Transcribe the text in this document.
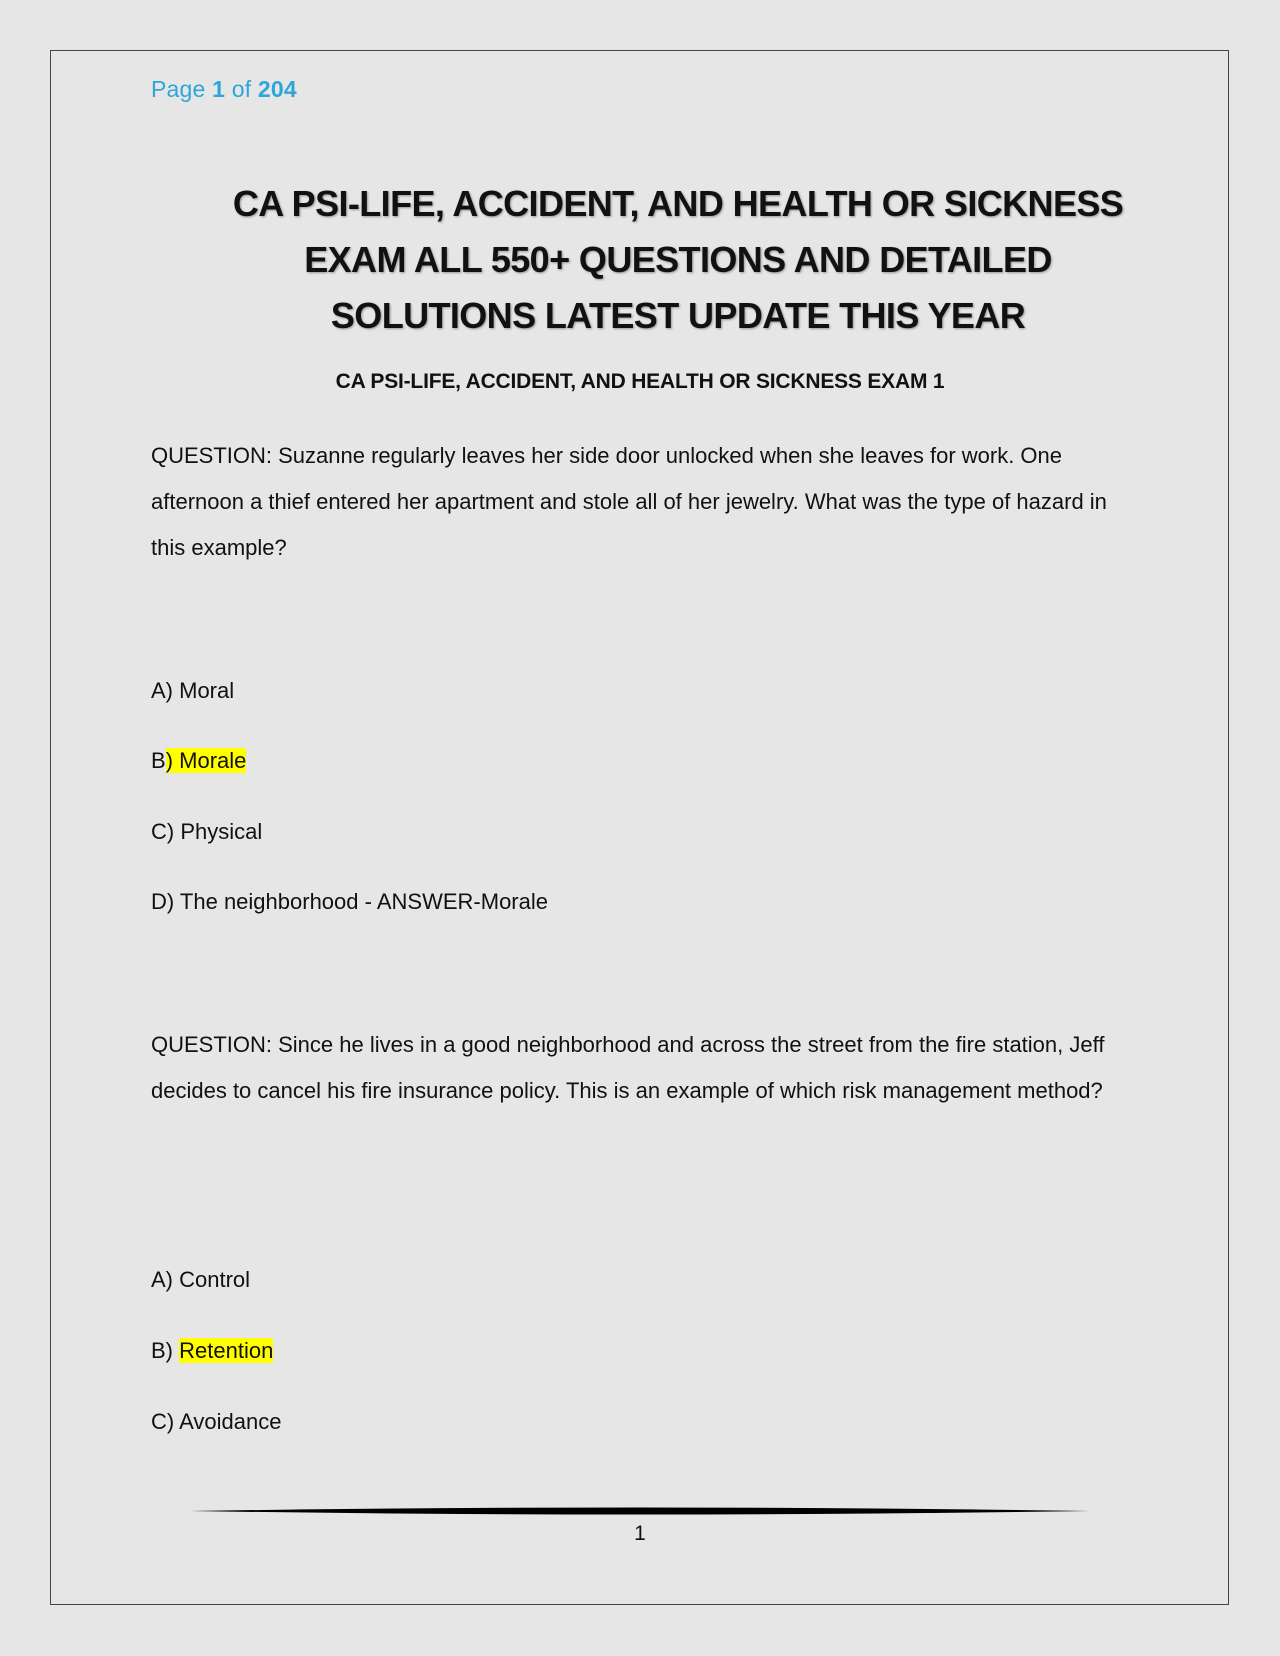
Page 1 of 204
CA PSI-LIFE, ACCIDENT, AND HEALTH OR SICKNESS
EXAM ALL 550+ QUESTIONS AND DETAILED
SOLUTIONS LATEST UPDATE THIS YEAR
CA PSI-LIFE, ACCIDENT, AND HEALTH OR SICKNESS EXAM 1

QUESTION: Suzanne regularly leaves her side door unlocked when she leaves for work. One afternoon a thief entered her apartment and stole all of her jewelry. What was the type of hazard in this example?

A) Moral

B) Morale

C) Physical

D) The neighborhood - ANSWER-Morale

QUESTION: Since he lives in a good neighborhood and across the street from the fire station, Jeff decides to cancel his fire insurance policy. This is an example of which risk management method?

A) Control

B) Retention

C) Avoidance

1
